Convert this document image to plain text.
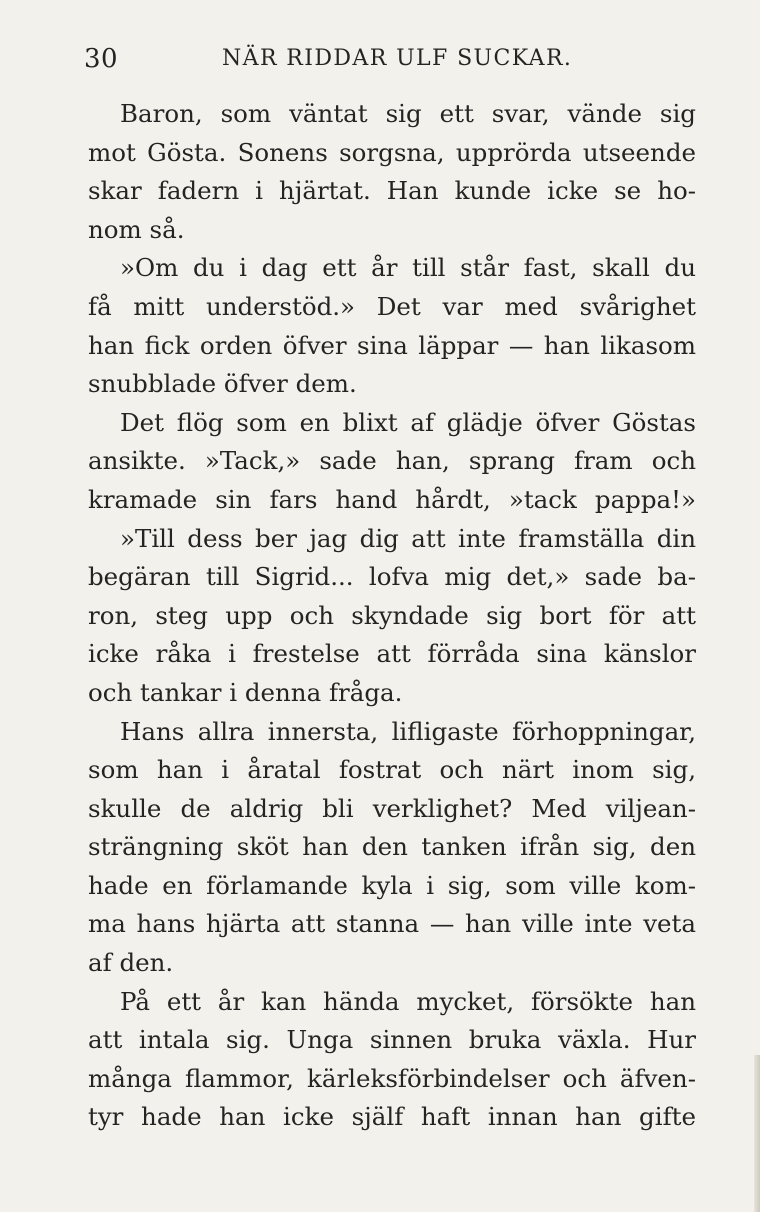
30	NÄR RIDDAR ULF SUCKAR.
Baron, som väntat sig ett svar, vände sig
mot Gösta. Sonens sorgsna, upprörda utseende
skar fadern i hjärtat. Han kunde icke se ho-
nom så.
»Om du i dag ett år till står fast, skall du
få mitt understöd.» Det var med svårighet
han fick orden öfver sina läppar — han likasom
snubblade öfver dem.
Det flög som en blixt af glädje öfver Göstas
ansikte. »Tack,» sade han, sprang fram och
kramade sin fars hand hårdt, »tack pappa!»
»Till dess ber jag dig att inte framställa din
begäran till Sigrid... lofva mig det,» sade ba-
ron, steg upp och skyndade sig bort för att
icke råka i frestelse att förråda sina känslor
och tankar i denna fråga.
Hans allra innersta, lifligaste förhoppningar,
som han i åratal fostrat och närt inom sig,
skulle de aldrig bli verklighet? Med viljean-
strängning sköt han den tanken ifrån sig, den
hade en förlamande kyla i sig, som ville kom-
ma hans hjärta att stanna — han ville inte veta
af den.
På ett år kan hända mycket, försökte han
att intala sig. Unga sinnen bruka växla. Hur
många flammor, kärleksförbindelser och äfven-
tyr hade han icke själf haft innan han gifte
